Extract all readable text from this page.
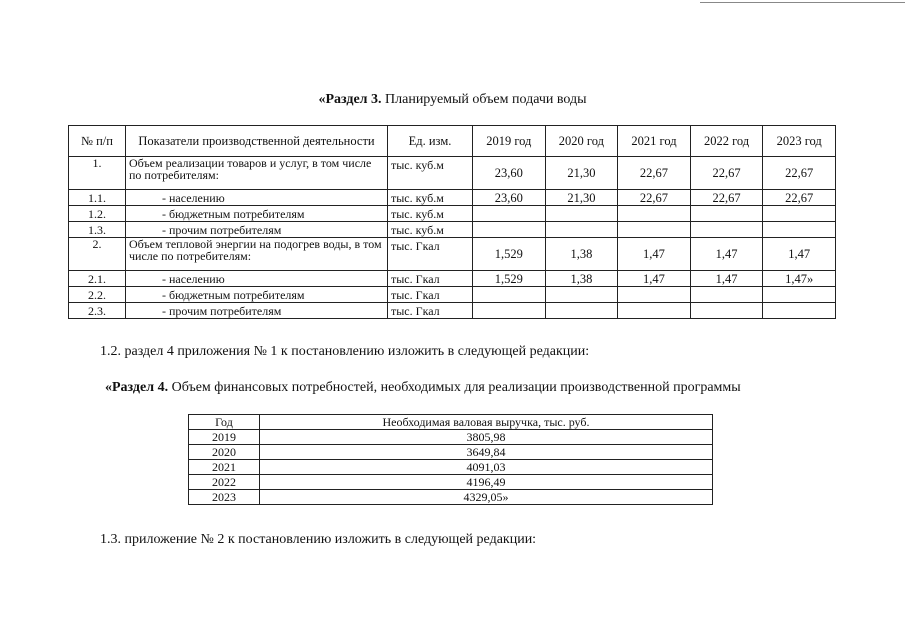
«Раздел 3. Планируемый объем подачи воды
№ п/п	Показатели производственной деятельности	Ед. изм.	2019 год	2020 год	2021 год	2022 год	2023 год
1.	Объем реализации товаров и услуг, в том числе по потребителям:	тыс. куб.м	23,60	21,30	22,67	22,67	22,67
1.1.	- населению	тыс. куб.м	23,60	21,30	22,67	22,67	22,67
1.2.	- бюджетным потребителям	тыс. куб.м					
1.3.	- прочим потребителям	тыс. куб.м					
2.	Объем тепловой энергии на подогрев воды, в том числе по потребителям:	тыс. Гкал	1,529	1,38	1,47	1,47	1,47
2.1.	- населению	тыс. Гкал	1,529	1,38	1,47	1,47	1,47»
2.2.	- бюджетным потребителям	тыс. Гкал					
2.3.	- прочим потребителям	тыс. Гкал					
1.2. раздел 4 приложения № 1 к постановлению изложить в следующей редакции:
«Раздел 4. Объем финансовых потребностей, необходимых для реализации производственной программы
Год	Необходимая валовая выручка, тыс. руб.
2019	3805,98
2020	3649,84
2021	4091,03
2022	4196,49
2023	4329,05»
1.3. приложение № 2 к постановлению изложить в следующей редакции:
